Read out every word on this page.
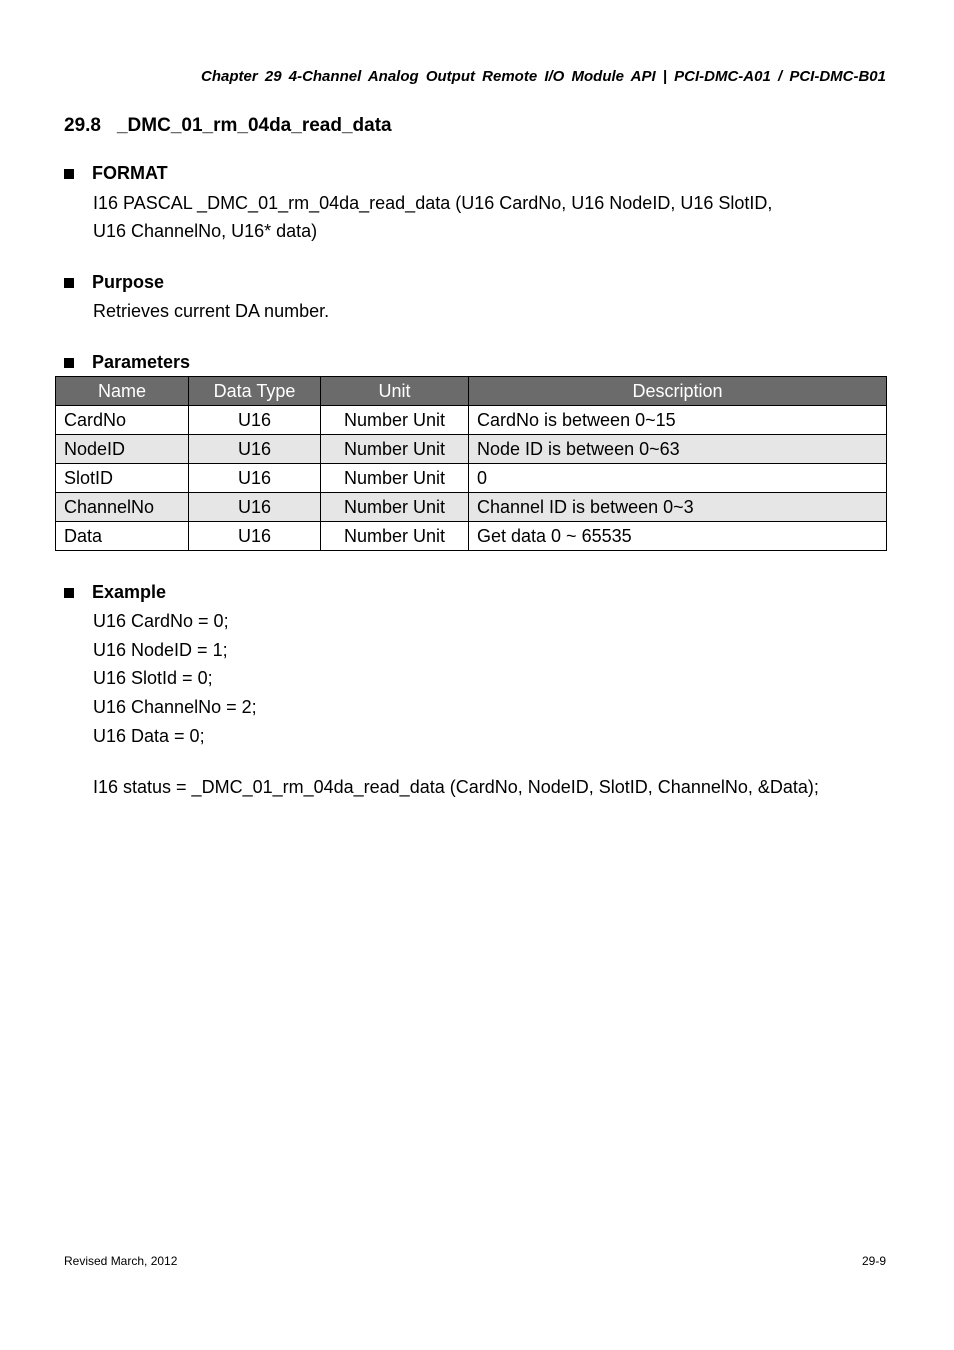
Chapter 29 4-Channel Analog Output Remote I/O Module API | PCI-DMC-A01 / PCI-DMC-B01
29.8 _DMC_01_rm_04da_read_data
FORMAT
I16 PASCAL _DMC_01_rm_04da_read_data (U16 CardNo, U16 NodeID, U16 SlotID,
U16 ChannelNo, U16* data)
Purpose
Retrieves current DA number.
Parameters
Name	Data Type	Unit	Description
CardNo	U16	Number Unit	CardNo is between 0~15
NodeID	U16	Number Unit	Node ID is between 0~63
SlotID	U16	Number Unit	0
ChannelNo	U16	Number Unit	Channel ID is between 0~3
Data	U16	Number Unit	Get data 0 ~ 65535
Example
U16 CardNo = 0;
U16 NodeID = 1;
U16 SlotId = 0;
U16 ChannelNo = 2;
U16 Data = 0;
I16 status = _DMC_01_rm_04da_read_data (CardNo, NodeID, SlotID, ChannelNo, &Data);
Revised March, 2012	29-9
